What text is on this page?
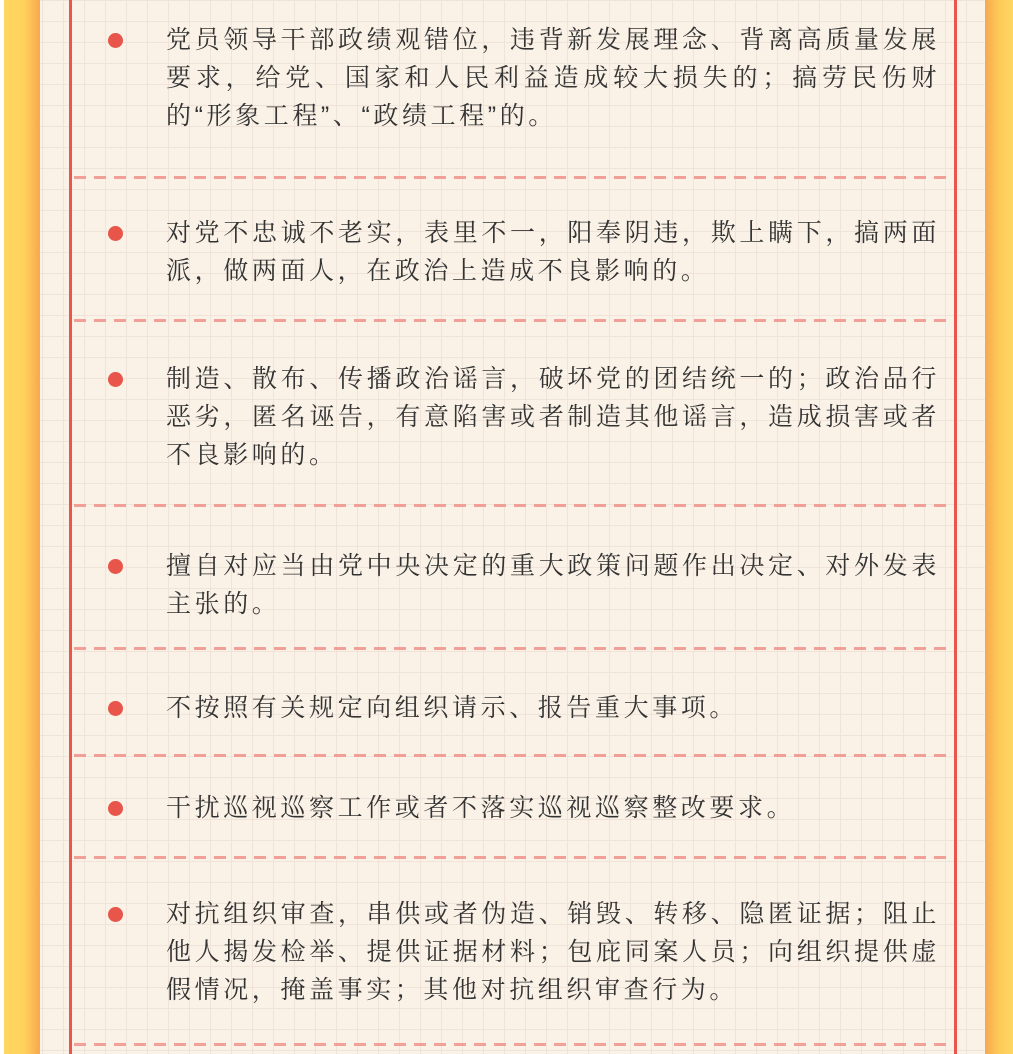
党员领导干部政绩观错位，违背新发展理念、背离高质量发展要求，给党、国家和人民利益造成较大损失的；搞劳民伤财的“形象工程”、“政绩工程”的。

对党不忠诚不老实，表里不一，阳奉阴违，欺上瞒下，搞两面派，做两面人，在政治上造成不良影响的。

制造、散布、传播政治谣言，破坏党的团结统一的；政治品行恶劣，匿名诬告，有意陷害或者制造其他谣言，造成损害或者不良影响的。

擅自对应当由党中央决定的重大政策问题作出决定、对外发表主张的。

不按照有关规定向组织请示、报告重大事项。

干扰巡视巡察工作或者不落实巡视巡察整改要求。

对抗组织审查，串供或者伪造、销毁、转移、隐匿证据；阻止他人揭发检举、提供证据材料；包庇同案人员；向组织提供虚假情况，掩盖事实；其他对抗组织审查行为。
